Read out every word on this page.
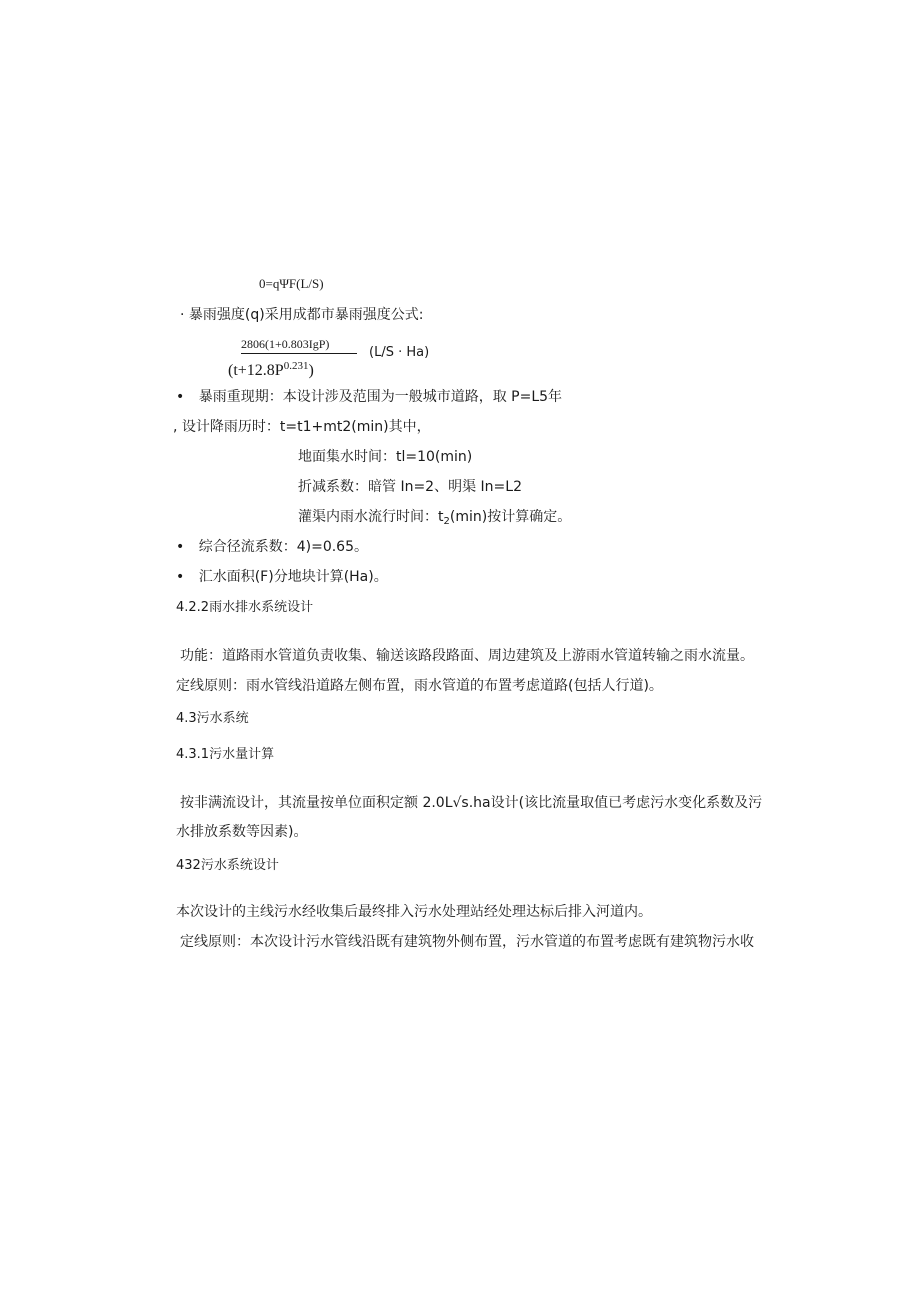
0=qΨF(L/S)
· 暴雨强度(q)采用成都市暴雨强度公式:
2806(1+0.803IgP)
$(t+12.8P^{0.231})$
(L/S · Ha)
• 暴雨重现期：本设计涉及范围为一般城市道路，取 P=L5年
, 设计降雨历时：t=t1+mt2(min)其中，
地面集水时间：tl=10(min)
折减系数：暗管 In=2、明渠 In=L2
灌渠内雨水流行时间：$t_2(\min)$按计算确定。
• 综合径流系数：4)=0.65。
• 汇水面积(F)分地块计算(Ha)。
4.2.2雨水排水系统设计
功能：道路雨水管道负责收集、输送该路段路面、周边建筑及上游雨水管道转输之雨水流量。
定线原则：雨水管线沿道路左侧布置，雨水管道的布置考虑道路(包括人行道)。
4.3污水系统
4.3.1污水量计算
按非满流设计，其流量按单位面积定额 2.0L√s.ha设计(该比流量取值已考虑污水变化系数及污
水排放系数等因素)。
432污水系统设计
本次设计的主线污水经收集后最终排入污水处理站经处理达标后排入河道内。
定线原则：本次设计污水管线沿既有建筑物外侧布置，污水管道的布置考虑既有建筑物污水收
